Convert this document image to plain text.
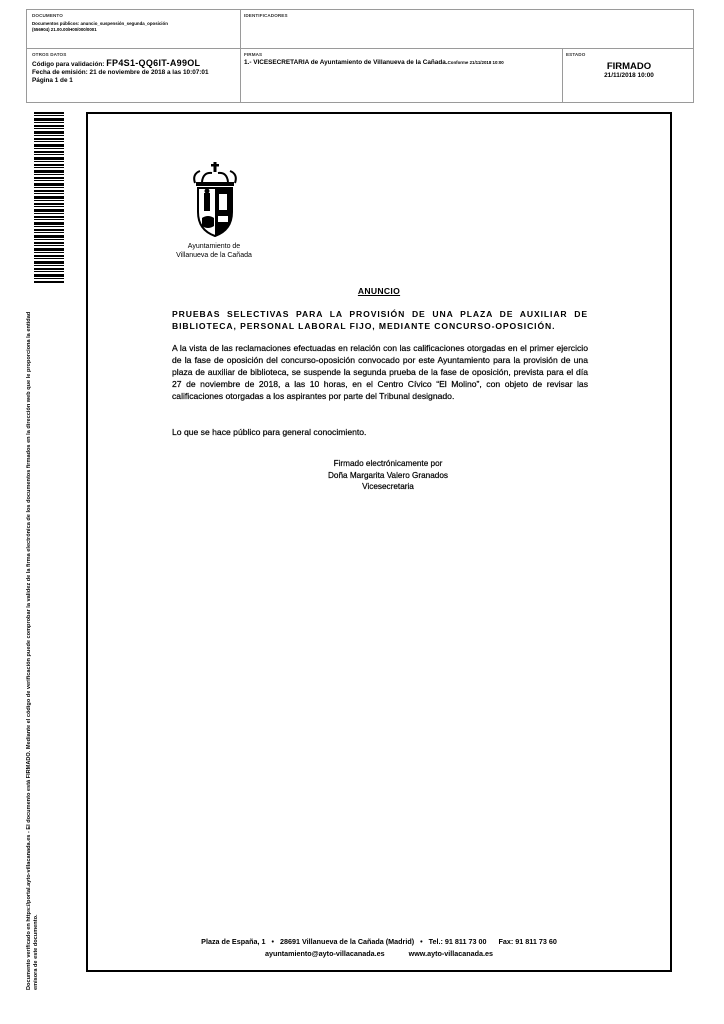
DOCUMENTO
Documentos públicos: anuncio_suspensión_segunda_oposición
(556904) 21.00.00/H00/000/0001
IDENTIFICADORES
OTROS DATOS
Código para validación: FP4S1-QQ6IT-A99OL
Fecha de emisión: 21 de noviembre de 2018 a las 10:07:01
Página 1 de 1
FIRMAS
1.- VICESECRETARIA de Ayuntamiento de Villanueva de la Cañada.Conforme 21/11/2018 10:00
ESTADO
FIRMADO
21/11/2018 10:00
Documento verificado en https://portal.ayto-villacanada.es - El documento está FIRMADO. Mediante el código de verificación puede comprobar la validez de la firma electrónica de los documentos firmados en la dirección web que le proporciona la entidad emisora de este documento.
Ayuntamiento de
Villanueva de la Cañada
ANUNCIO
PRUEBAS SELECTIVAS PARA LA PROVISIÓN DE UNA PLAZA DE AUXILIAR DE BIBLIOTECA, PERSONAL LABORAL FIJO, MEDIANTE CONCURSO-OPOSICIÓN.
A la vista de las reclamaciones efectuadas en relación con las calificaciones otorgadas en el primer ejercicio de la fase de oposición del concurso-oposición convocado por este Ayuntamiento para la provisión de una plaza de auxiliar de biblioteca, se suspende la segunda prueba de la fase de oposición, prevista para el día 27 de noviembre de 2018, a las 10 horas, en el Centro Cívico “El Molino”, con objeto de revisar las calificaciones otorgadas a los aspirantes por parte del Tribunal designado.
Lo que se hace público para general conocimiento.
Firmado electrónicamente por
Doña Margarita Valero Granados
Vicesecretaria
Plaza de España, 1 • 28691 Villanueva de la Cañada (Madrid) • Tel.: 91 811 73 00 Fax: 91 811 73 60
ayuntamiento@ayto-villacanada.es	www.ayto-villacanada.es
